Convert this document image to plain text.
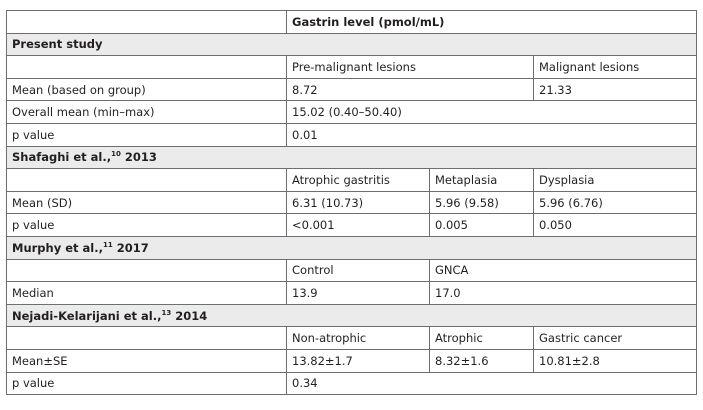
	Gastrin level (pmol/mL)		
Present study			
	Pre-malignant lesions		Malignant lesions
Mean (based on group)	8.72		21.33
Overall mean (min–max)	15.02 (0.40–50.40)		
p value	0.01		
Shafaghi et al.,$^{10}$ 2013			
	Atrophic gastritis	Metaplasia	Dysplasia
Mean (SD)	6.31 (10.73)	5.96 (9.58)	5.96 (6.76)
p value	<0.001	0.005	0.050
Murphy et al.,$^{11}$ 2017			
	Control	GNCA	
Median	13.9	17.0	
Nejadi-Kelarijani et al.,$^{13}$ 2014			
	Non-atrophic	Atrophic	Gastric cancer
Mean±SE	13.82±1.7	8.32±1.6	10.81±2.8
p value	0.34		
